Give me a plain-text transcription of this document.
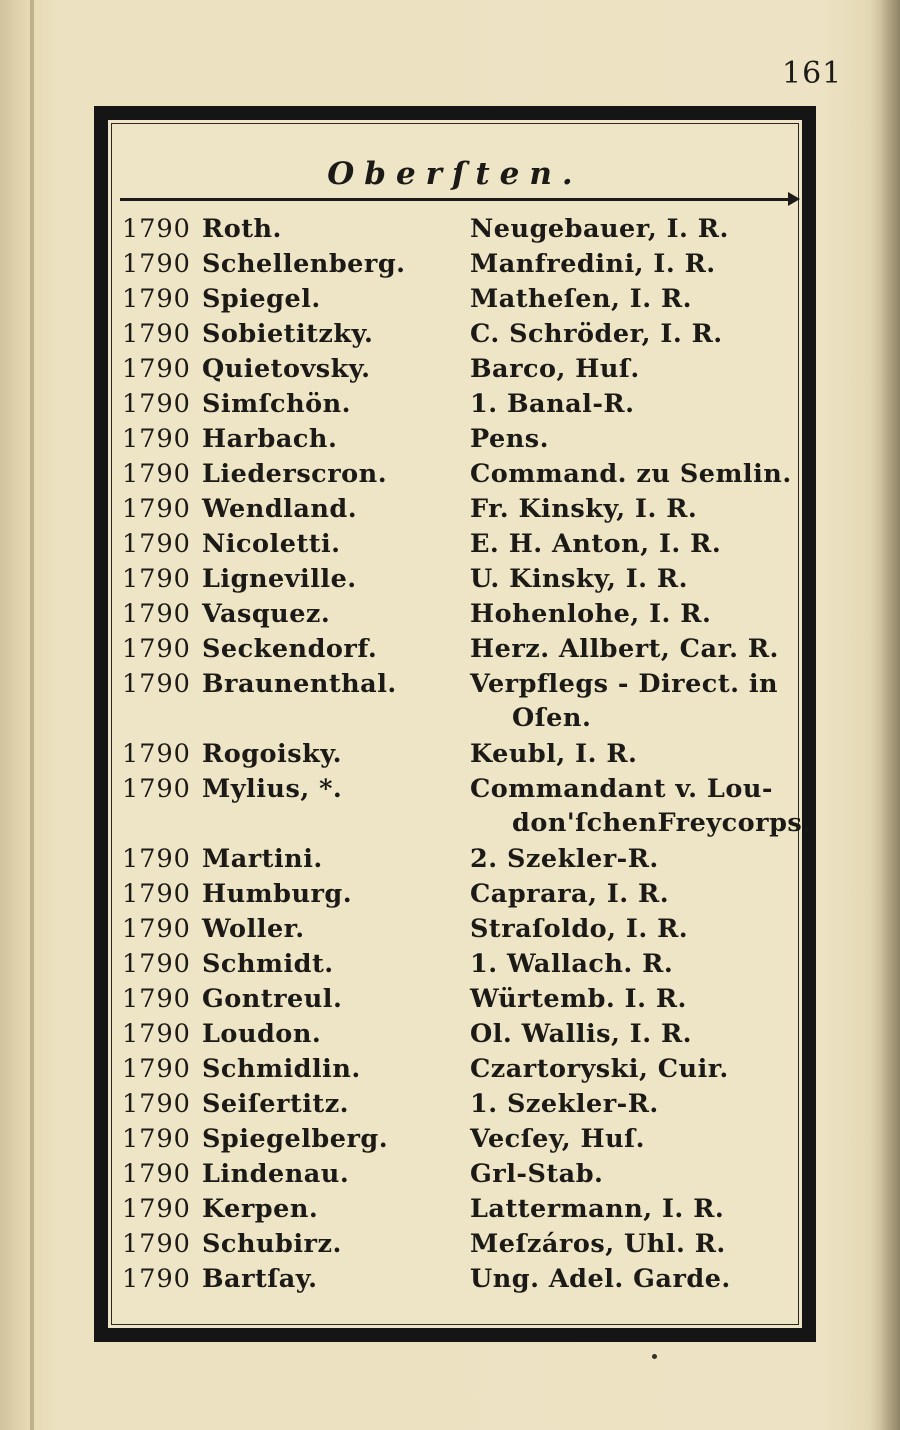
161
Oberſten.
1790 Roth.	Neugebauer, I. R.
1790 Schellenberg.	Manfredini, I. R.
1790 Spiegel.	Matheſen, I. R.
1790 Sobietitzky.	C. Schröder, I. R.
1790 Quietovsky.	Barco, Huſ.
1790 Simſchön.	1. Banal-R.
1790 Harbach.	Pens.
1790 Liederscron.	Command. zu Semlin.
1790 Wendland.	Fr. Kinsky, I. R.
1790 Nicoletti.	E. H. Anton, I. R.
1790 Ligneville.	U. Kinsky, I. R.
1790 Vasquez.	Hohenlohe, I. R.
1790 Seckendorf.	Herz. Allbert, Car. R.
1790 Braunenthal.	Verpflegs - Direct. in
Oſen.
1790 Rogoisky.	Keubl, I. R.
1790 Mylius, *.	Commandant v. Lou-
don'ſchenFreycorps.
1790 Martini.	2. Szekler-R.
1790 Humburg.	Caprara, I. R.
1790 Woller.	Straſoldo, I. R.
1790 Schmidt.	1. Wallach. R.
1790 Gontreul.	Würtemb. I. R.
1790 Loudon.	Ol. Wallis, I. R.
1790 Schmidlin.	Czartoryski, Cuir.
1790 Seiſertitz.	1. Szekler-R.
1790 Spiegelberg.	Vecſey, Huſ.
1790 Lindenau.	Grl-Stab.
1790 Kerpen.	Lattermann, I. R.
1790 Schubirz.	Meſzáros, Uhl. R.
1790 Bartſay.	Ung. Adel. Garde.
